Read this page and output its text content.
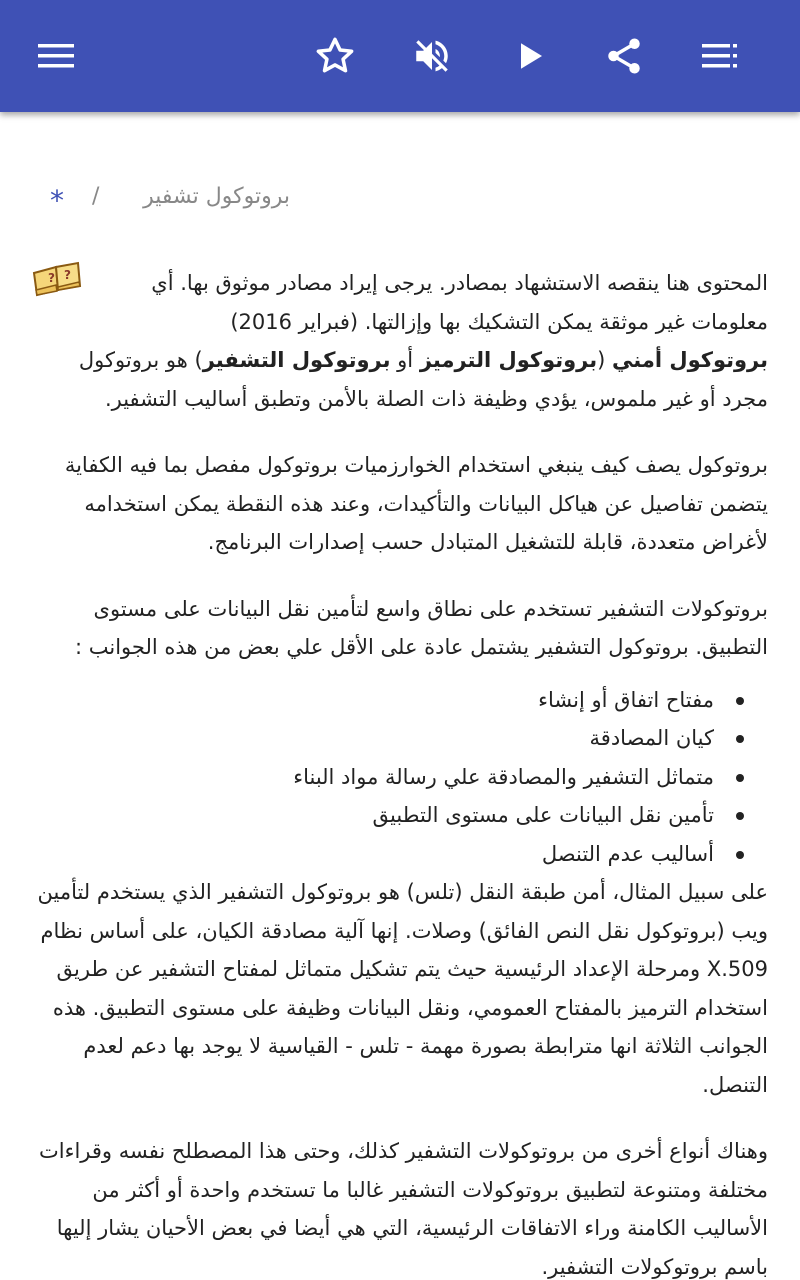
* / بروتوكول تشفير
? ?	المحتوى هنا ينقصه الاستشهاد بمصادر. يرجى إيراد مصادر موثوق بها. أي معلومات غير موثقة يمكن التشكيك بها وإزالتها. (فبراير 2016)

بروتوكول أمني (بروتوكول الترميز أو بروتوكول التشفير) هو بروتوكول مجرد أو غير ملموس، يؤدي وظيفة ذات الصلة بالأمن وتطبق أساليب التشفير.

بروتوكول يصف كيف ينبغي استخدام الخوارزميات بروتوكول مفصل بما فيه الكفاية يتضمن تفاصيل عن هياكل البيانات والتأكيدات، وعند هذه النقطة يمكن استخدامه لأغراض متعددة، قابلة للتشغيل المتبادل حسب إصدارات البرنامج.

بروتوكولات التشفير تستخدم على نطاق واسع لتأمين نقل البيانات على مستوى التطبيق. بروتوكول التشفير يشتمل عادة على الأقل علي بعض من هذه الجوانب :

مفتاح اتفاق أو إنشاء
كيان المصادقة
متماثل التشفير والمصادقة علي رسالة مواد البناء
تأمين نقل البيانات على مستوى التطبيق
أساليب عدم التنصل

على سبيل المثال، أمن طبقة النقل (تلس) هو بروتوكول التشفير الذي يستخدم لتأمين ويب (بروتوكول نقل النص الفائق) وصلات. إنها آلية مصادقة الكيان، على أساس نظام X.509 ومرحلة الإعداد الرئيسية حيث يتم تشكيل متماثل لمفتاح التشفير عن طريق استخدام الترميز بالمفتاح العمومي، ونقل البيانات وظيفة على مستوى التطبيق. هذه الجوانب الثلاثة انها مترابطة بصورة مهمة - تلس - القياسية لا يوجد بها دعم لعدم التنصل.

وهناك أنواع أخرى من بروتوكولات التشفير كذلك، وحتى هذا المصطلح نفسه وقراءات مختلفة ومتنوعة لتطبيق بروتوكولات التشفير غالبا ما تستخدم واحدة أو أكثر من الأساليب الكامنة وراء الاتفاقات الرئيسية، التي هي أيضا في بعض الأحيان يشار إليها باسم بروتوكولات التشفير.
